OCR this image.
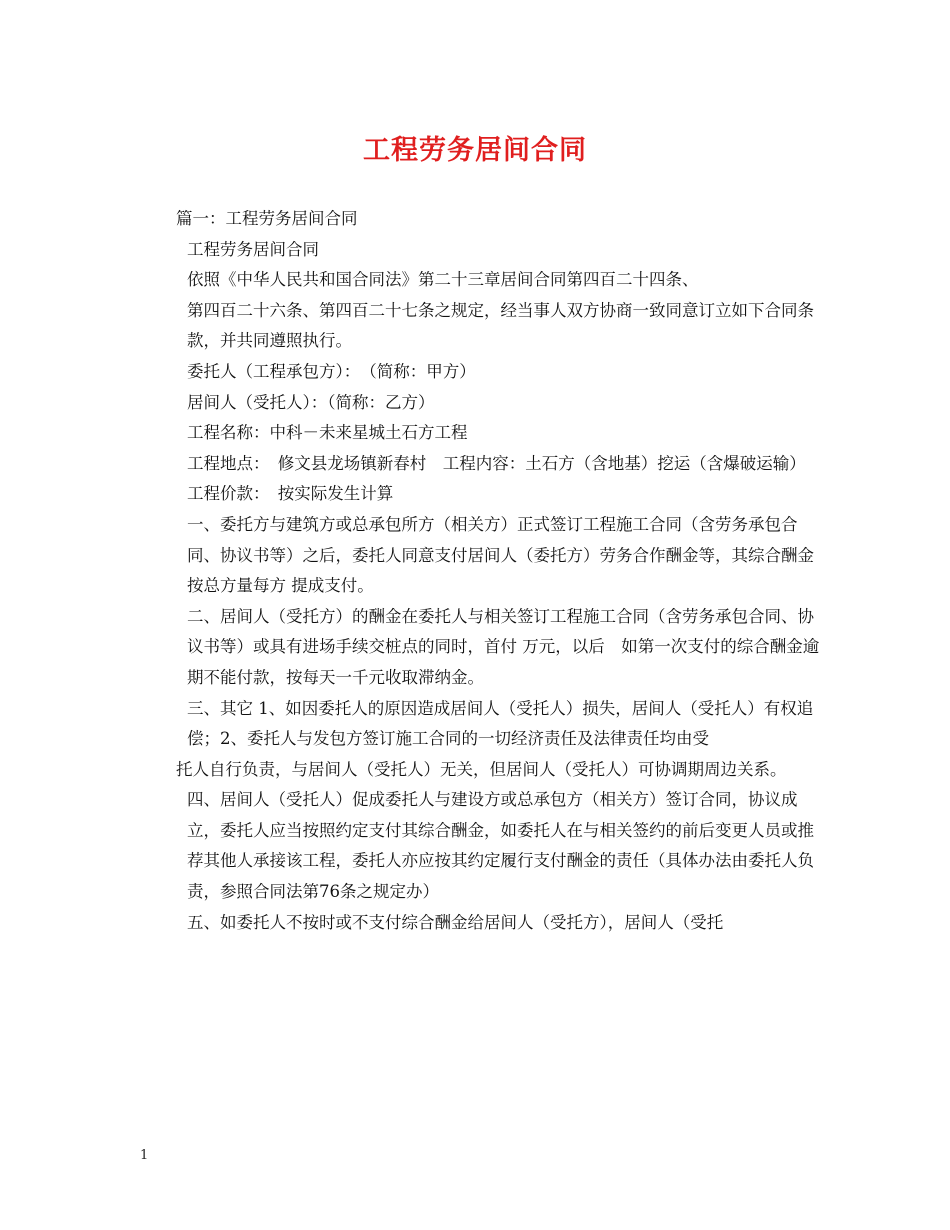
工程劳务居间合同

篇一：工程劳务居间合同

工程劳务居间合同

依照《中华人民共和国合同法》第二十三章居间合同第四百二十四条、

第四百二十六条、第四百二十七条之规定，经当事人双方协商一致同意订立如下合同条款，并共同遵照执行。

委托人（工程承包方）：　（简称：甲方）

居间人（受托人）：（简称：乙方）

工程名称：中科－未来星城土石方工程

工程地点：　修文县龙场镇新春村　工程内容：土石方（含地基）挖运（含爆破运输）　工程价款：　按实际发生计算

一、委托方与建筑方或总承包所方（相关方）正式签订工程施工合同（含劳务承包合同、协议书等）之后，委托人同意支付居间人（委托方）劳务合作酬金等，其综合酬金按总方量每方 提成支付。

二、居间人（受托方）的酬金在委托人与相关签订工程施工合同（含劳务承包合同、协议书等）或具有进场手续交桩点的同时，首付 万元，以后　如第一次支付的综合酬金逾期不能付款，按每天一千元收取滞纳金。

三、其它 1、如因委托人的原因造成居间人（受托人）损失，居间人（受托人）有权追偿；2、委托人与发包方签订施工合同的一切经济责任及法律责任均由受

托人自行负责，与居间人（受托人）无关，但居间人（受托人）可协调期周边关系。

四、居间人（受托人）促成委托人与建设方或总承包方（相关方）签订合同，协议成立，委托人应当按照约定支付其综合酬金，如委托人在与相关签约的前后变更人员或推荐其他人承接该工程，委托人亦应按其约定履行支付酬金的责任（具体办法由委托人负责，参照合同法第76条之规定办）

五、如委托人不按时或不支付综合酬金给居间人（受托方），居间人（受托

1
